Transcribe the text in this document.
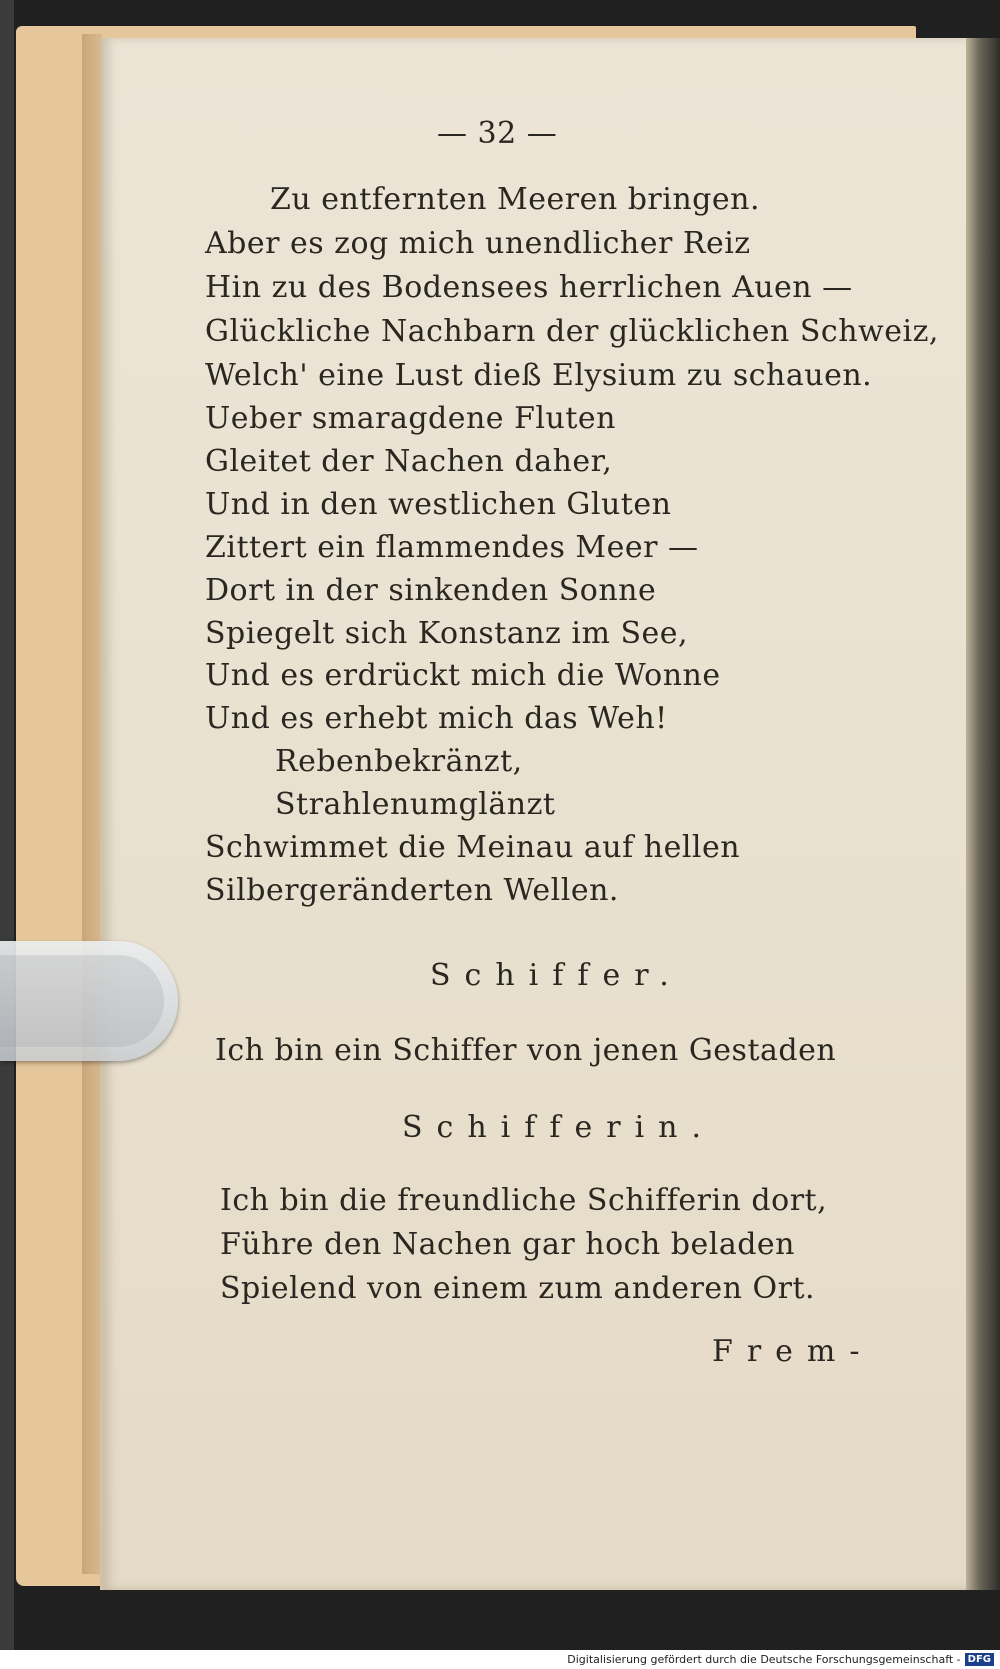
— 32 —
Zu entfernten Meeren bringen.
Aber es zog mich unendlicher Reiz
Hin zu des Bodensees herrlichen Auen —
Glückliche Nachbarn der glücklichen Schweiz,
Welch' eine Lust dieß Elysium zu schauen.
Ueber smaragdene Fluten
Gleitet der Nachen daher,
Und in den westlichen Gluten
Zittert ein flammendes Meer —
Dort in der sinkenden Sonne
Spiegelt sich Konstanz im See,
Und es erdrückt mich die Wonne
Und es erhebt mich das Weh!
Rebenbekränzt,
Strahlenumglänzt
Schwimmet die Meinau auf hellen
Silbergeränderten Wellen.
Schiffer.
Ich bin ein Schiffer von jenen Gestaden
Schifferin.
Ich bin die freundliche Schifferin dort,
Führe den Nachen gar hoch beladen
Spielend von einem zum anderen Ort.
Frem-
Digitalisierung gefördert durch die Deutsche Forschungsgemeinschaft - DFG
